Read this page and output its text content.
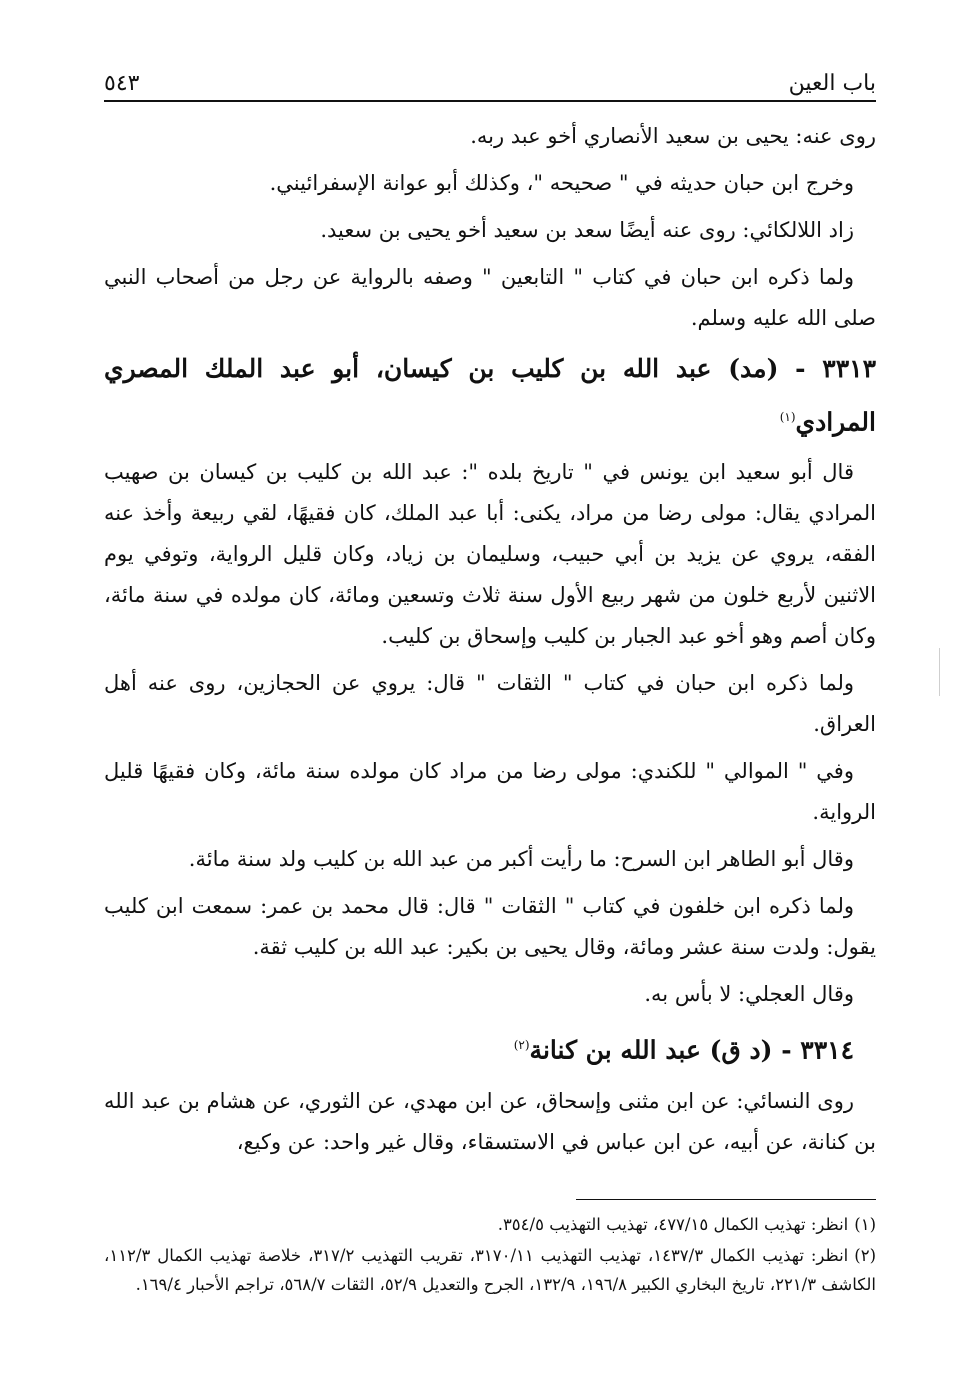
باب العين
٥٤٣

روى عنه: يحيى بن سعيد الأنصاري أخو عبد ربه.

وخرج ابن حبان حديثه في " صحيحه "، وكذلك أبو عوانة الإسفرائيني.

زاد اللالكائي: روى عنه أيضًا سعد بن سعيد أخو يحيى بن سعيد.

ولما ذكره ابن حبان في كتاب " التابعين " وصفه بالرواية عن رجل من أصحاب النبي صلى الله عليه وسلم.

٣٣١٣ - (مد) عبد الله بن كليب بن كيسان، أبو عبد الملك المصري المرادي$^{(١)}$

قال أبو سعيد ابن يونس في " تاريخ بلده ": عبد الله بن كليب بن كيسان بن صهيب المرادي يقال: مولى رضا من مراد، يكنى: أبا عبد الملك، كان فقيهًا، لقي ربيعة وأخذ عنه الفقه، يروي عن يزيد بن أبي حبيب، وسليمان بن زياد، وكان قليل الرواية، وتوفي يوم الاثنين لأربع خلون من شهر ربيع الأول سنة ثلاث وتسعين ومائة، كان مولده في سنة مائة، وكان أصم وهو أخو عبد الجبار بن كليب وإسحاق بن كليب.

ولما ذكره ابن حبان في كتاب " الثقات " قال: يروي عن الحجازين، روى عنه أهل العراق.

وفي " الموالي " للكندي: مولى رضا من مراد كان مولده سنة مائة، وكان فقيهًا قليل الرواية.

وقال أبو الطاهر ابن السرح: ما رأيت أكبر من عبد الله بن كليب ولد سنة مائة.

ولما ذكره ابن خلفون في كتاب " الثقات " قال: قال محمد بن عمر: سمعت ابن كليب يقول: ولدت سنة عشر ومائة، وقال يحيى بن بكير: عبد الله بن كليب ثقة.

وقال العجلي: لا بأس به.

٣٣١٤ - (د ق) عبد الله بن كنانة$^{(٢)}$

روى النسائي: عن ابن مثنى وإسحاق، عن ابن مهدي، عن الثوري، عن هشام بن عبد الله بن كنانة، عن أبيه، عن ابن عباس في الاستسقاء، وقال غير واحد: عن وكيع،

(١)انظر: تهذيب الكمال ٤٧٧/١٥، تهذيب التهذيب ٣٥٤/٥.

(٢)انظر: تهذيب الكمال ١٤٣٧/٣، تهذيب التهذيب ٣١٧٠/١١، تقريب التهذيب ٣١٧/٢، خلاصة تهذيب الكمال ١١٢/٣، الكاشف ٢٢١/٣، تاريخ البخاري الكبير ١٩٦/٨، ١٣٢/٩، الجرح والتعديل ٥٢/٩، الثقات ٥٦٨/٧، تراجم الأحبار ١٦٩/٤.
